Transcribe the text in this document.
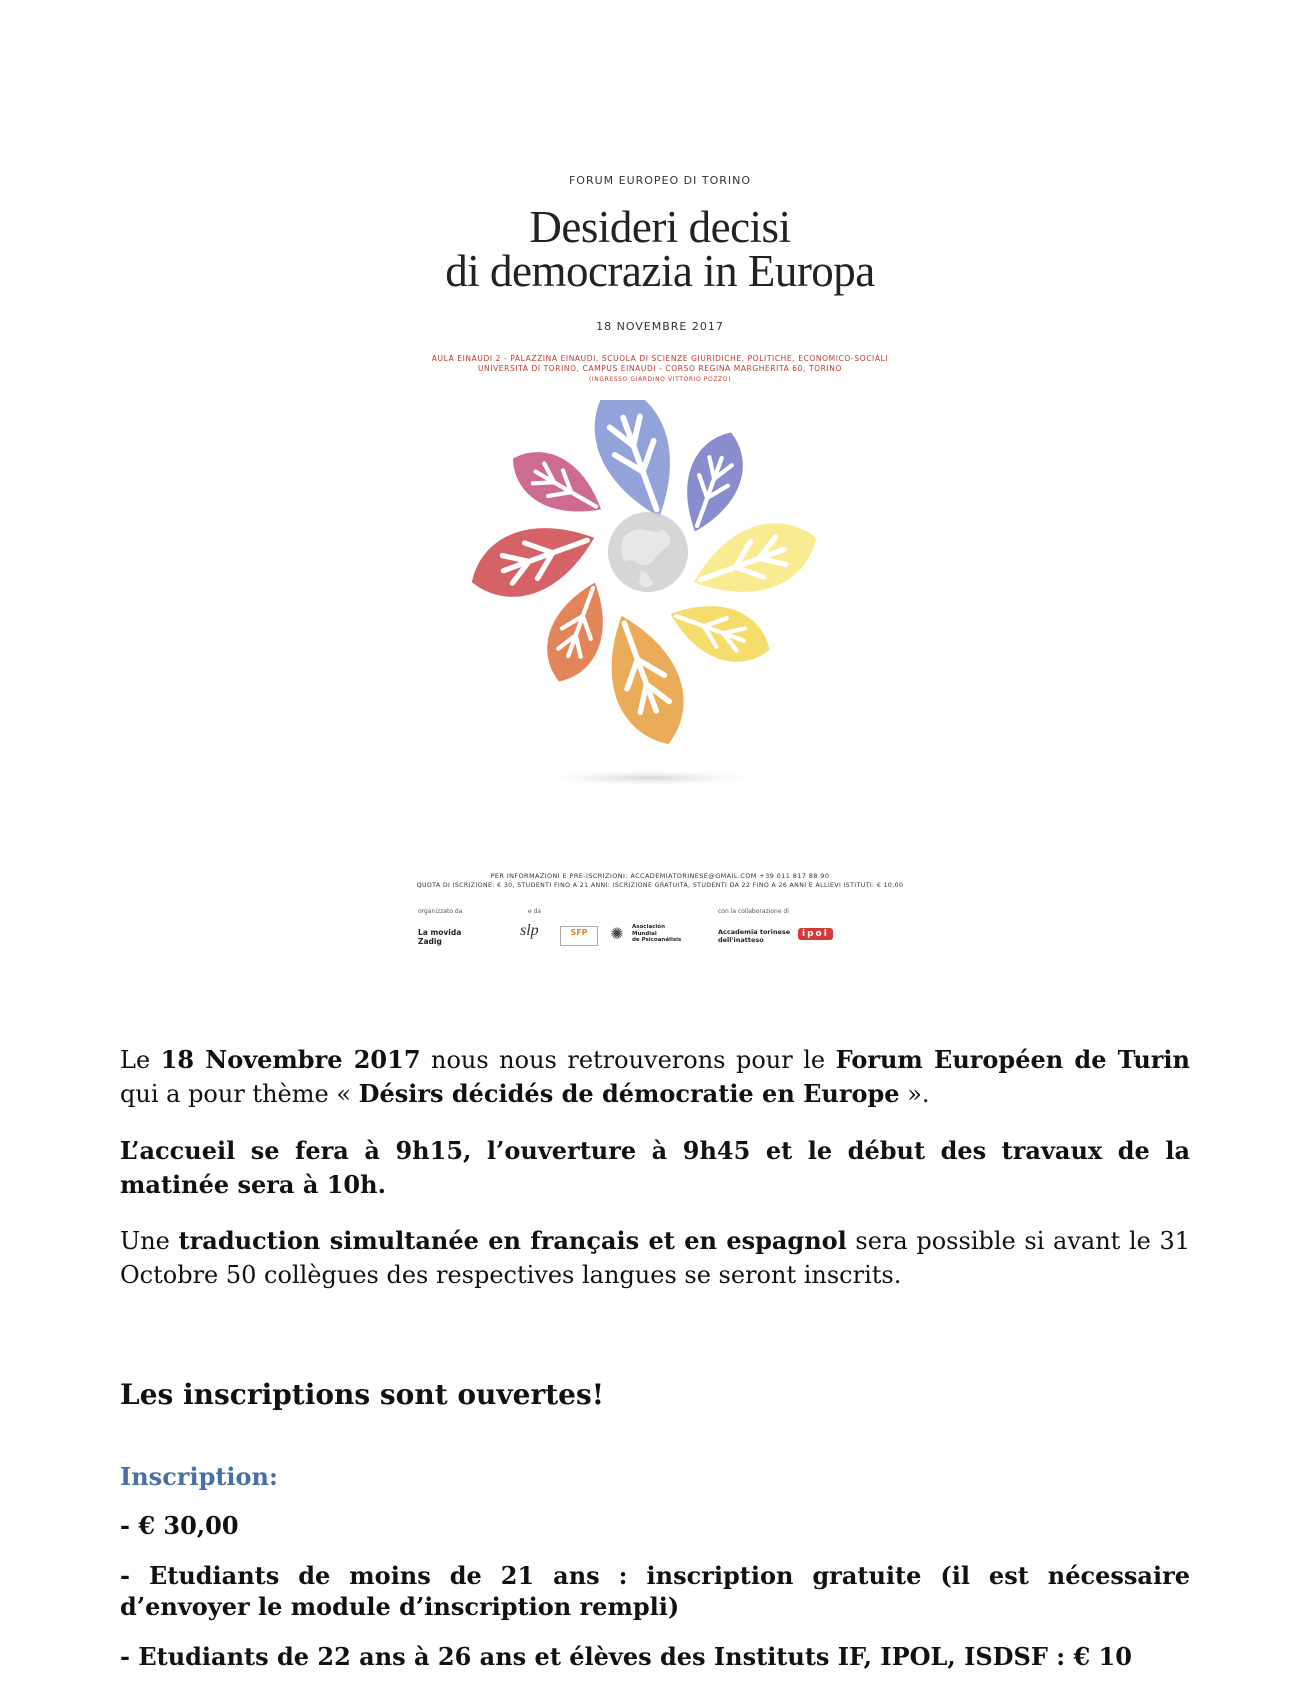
FORUM EUROPEO DI TORINO
Desideri decisi
di democrazia in Europa
18 NOVEMBRE 2017
AULA EINAUDI 2 - PALAZZINA EINAUDI, SCUOLA DI SCIENZE GIURIDICHE, POLITICHE, ECONOMICO-SOCIALI
UNIVERSITÀ DI TORINO, CAMPUS EINAUDI - CORSO REGINA MARGHERITA 60, TORINO
(INGRESSO GIARDINO VITTORIO POZZO)
PER INFORMAZIONI E PRE-ISCRIZIONI: ACCADEMIATORINESE@GMAIL.COM +39 011 817 88 90
QUOTA DI ISCRIZIONE: € 30, STUDENTI FINO A 21 ANNI: ISCRIZIONE GRATUITA, STUDENTI DA 22 FINO A 26 ANNI E ALLIEVI ISTITUTI: € 10,00
organizzato da
La movida
Zadig
e da
slp	SFP	✺	Asociación
Mundial
de Psicoanálisis
con la collaborazione di
Accademia torinese
dell'inatteso
ipol

Le 18 Novembre 2017 nous nous retrouverons pour le Forum Européen de Turin qui a pour thème « Désirs décidés de démocratie en Europe ».

L’accueil se fera à 9h15, l’ouverture à 9h45 et le début des travaux de la matinée sera à 10h.

Une traduction simultanée en français et en espagnol sera possible si avant le 31 Octobre 50 collègues des respectives langues se seront inscrits.

Les inscriptions sont ouvertes!
Inscription:

- € 30,00

- Etudiants de moins de 21 ans : inscription gratuite (il est nécessaire d’envoyer le module d’inscription rempli)

- Etudiants de 22 ans à 26 ans et élèves des Instituts IF, IPOL, ISDSF : € 10
